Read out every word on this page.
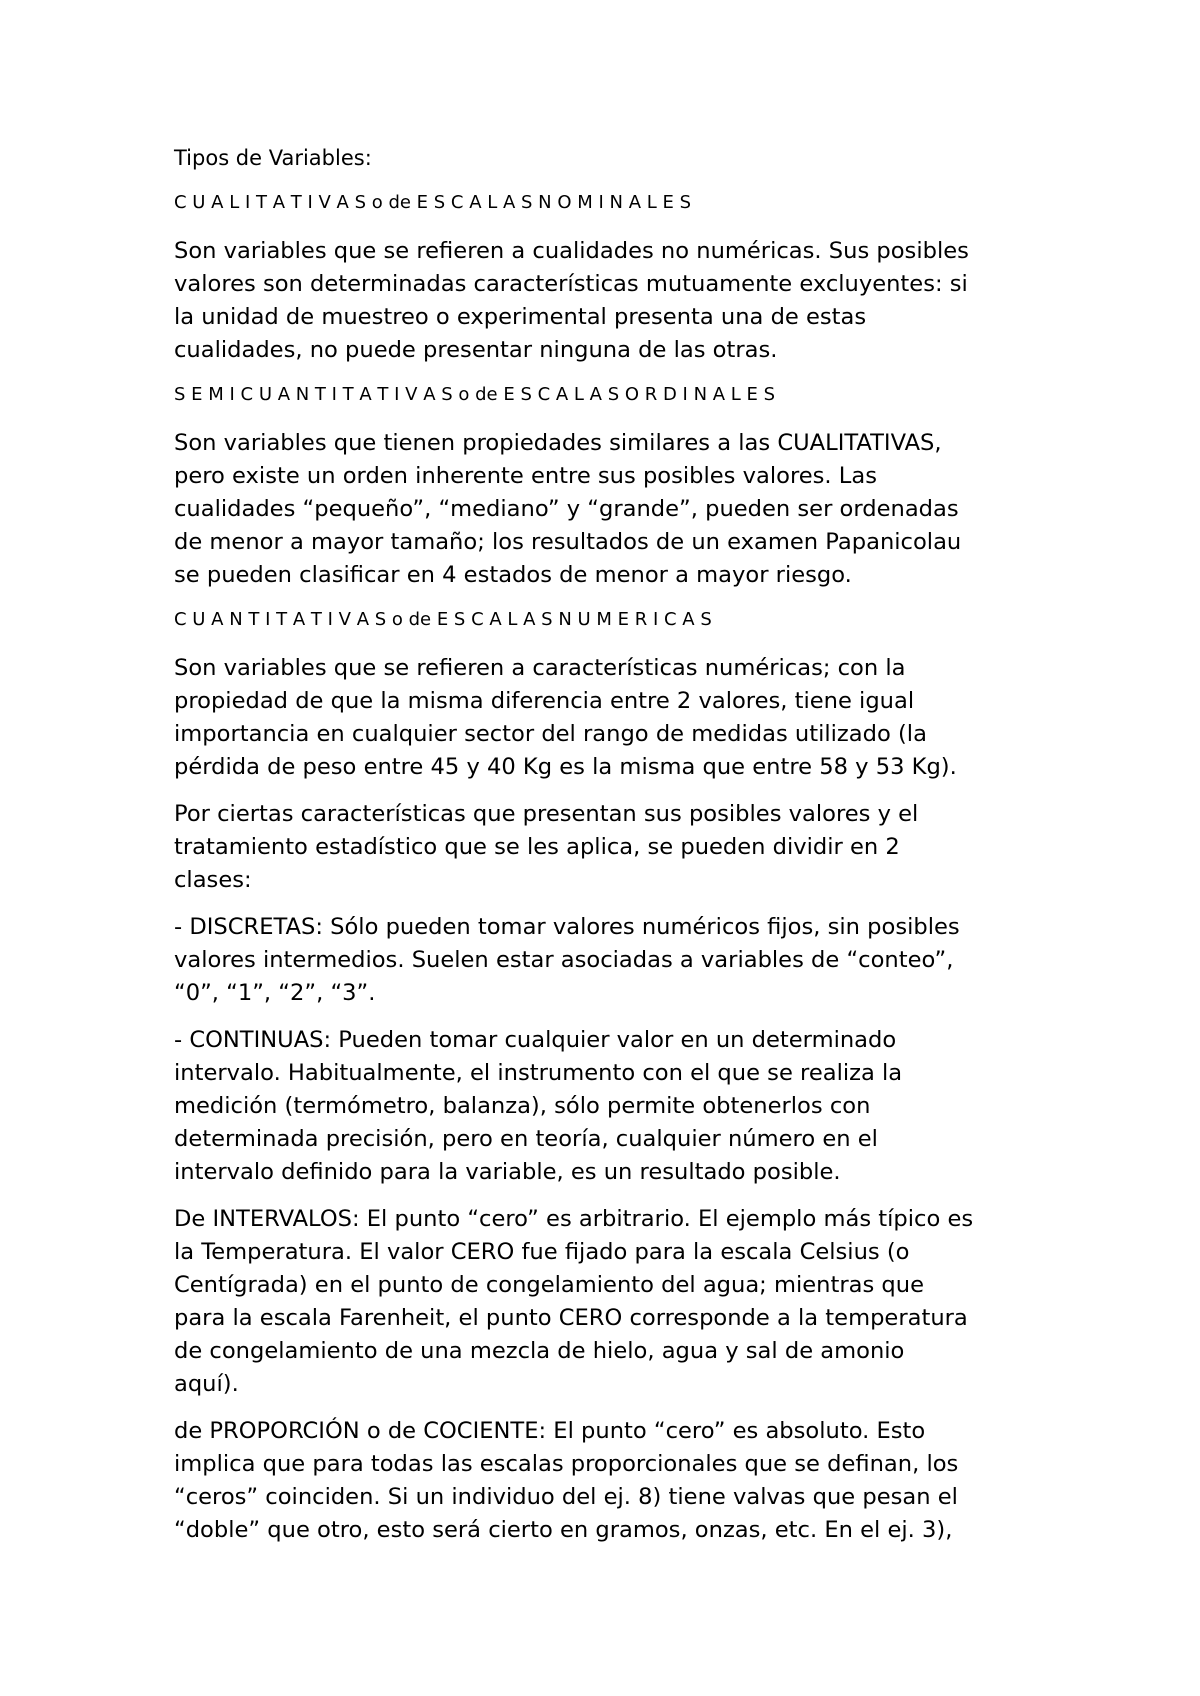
Tipos de Variables:
C U A L I T A T I V A S o de E S C A L A S N O M I N A L E S
Son variables que se refieren a cualidades no numéricas. Sus posibles
valores son determinadas características mutuamente excluyentes: si
la unidad de muestreo o experimental presenta una de estas
cualidades, no puede presentar ninguna de las otras.
S E M I C U A N T I T A T I V A S o de E S C A L A S O R D I N A L E S
Son variables que tienen propiedades similares a las CUALITATIVAS,
pero existe un orden inherente entre sus posibles valores. Las
cualidades “pequeño”, “mediano” y “grande”, pueden ser ordenadas
de menor a mayor tamaño; los resultados de un examen Papanicolau
se pueden clasificar en 4 estados de menor a mayor riesgo.
C U A N T I T A T I V A S o de E S C A L A S N U M E R I C A S
Son variables que se refieren a características numéricas; con la
propiedad de que la misma diferencia entre 2 valores, tiene igual
importancia en cualquier sector del rango de medidas utilizado (la
pérdida de peso entre 45 y 40 Kg es la misma que entre 58 y 53 Kg).
Por ciertas características que presentan sus posibles valores y el
tratamiento estadístico que se les aplica, se pueden dividir en 2
clases:
- DISCRETAS: Sólo pueden tomar valores numéricos fijos, sin posibles
valores intermedios. Suelen estar asociadas a variables de “conteo”,
“0”, “1”, “2”, “3”.
- CONTINUAS: Pueden tomar cualquier valor en un determinado
intervalo. Habitualmente, el instrumento con el que se realiza la
medición (termómetro, balanza), sólo permite obtenerlos con
determinada precisión, pero en teoría, cualquier número en el
intervalo definido para la variable, es un resultado posible.
De INTERVALOS: El punto “cero” es arbitrario. El ejemplo más típico es
la Temperatura. El valor CERO fue fijado para la escala Celsius (o
Centígrada) en el punto de congelamiento del agua; mientras que
para la escala Farenheit, el punto CERO corresponde a la temperatura
de congelamiento de una mezcla de hielo, agua y sal de amonio
aquí).
de PROPORCIÓN o de COCIENTE: El punto “cero” es absoluto. Esto
implica que para todas las escalas proporcionales que se definan, los
“ceros” coinciden. Si un individuo del ej. 8) tiene valvas que pesan el
“doble” que otro, esto será cierto en gramos, onzas, etc. En el ej. 3),
